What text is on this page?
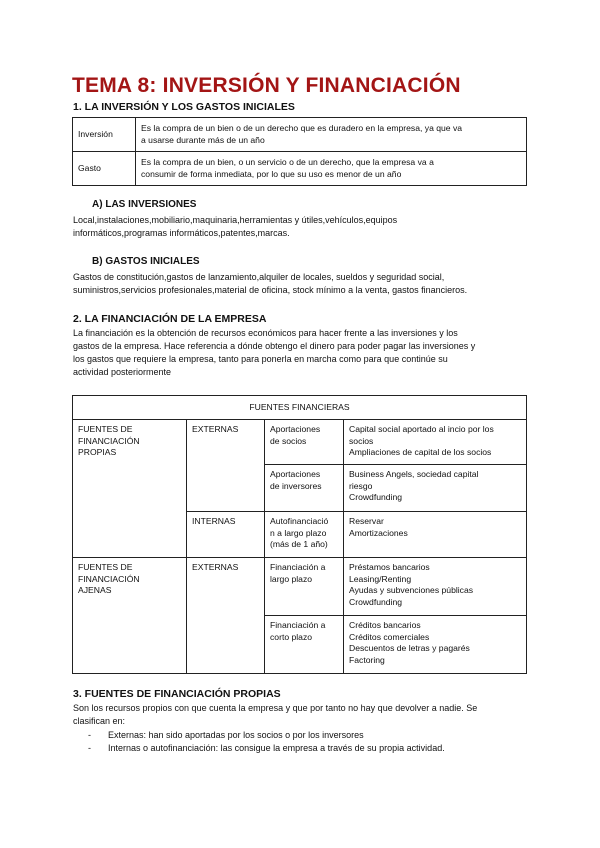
TEMA 8: INVERSIÓN Y FINANCIACIÓN
1. LA INVERSIÓN Y LOS GASTOS INICIALES
Inversión	Es la compra de un bien o de un derecho que es duradero en la empresa, ya que va
a usarse durante más de un año

Gasto	Es la compra de un bien, o un servicio o de un derecho, que la empresa va a
consumir de forma inmediata, por lo que su uso es menor de un año
A) LAS INVERSIONES
Local,instalaciones,mobiliario,maquinaria,herramientas y útiles,vehículos,equipos
informáticos,programas informáticos,patentes,marcas.
B) GASTOS INICIALES
Gastos de constitución,gastos de lanzamiento,alquiler de locales, sueldos y seguridad social,
suministros,servicios profesionales,material de oficina, stock mínimo a la venta, gastos financieros.
2. LA FINANCIACIÓN DE LA EMPRESA
La financiación es la obtención de recursos económicos para hacer frente a las inversiones y los
gastos de la empresa. Hace referencia a dónde obtengo el dinero para poder pagar las inversiones y
los gastos que requiere la empresa, tanto para ponerla en marcha como para que continúe su
actividad posteriormente
FUENTES FINANCIERAS			

FUENTES DE
FINANCIACIÓN
PROPIAS	EXTERNAS	Aportaciones
de socios	Capital social aportado al incio por los
socios
Ampliaciones de capital de los socios

		Aportaciones
de inversores	Business Angels, sociedad capital
riesgo
Crowdfunding

	INTERNAS	Autofinanciació
n a largo plazo
(más de 1 año)	Reservar
Amortizaciones

FUENTES DE
FINANCIACIÓN
AJENAS	EXTERNAS	Financiación a
largo plazo	Préstamos bancarios
Leasing/Renting
Ayudas y subvenciones públicas
Crowdfunding

		Financiación a
corto plazo	Créditos bancarios
Créditos comerciales
Descuentos de letras y pagarés
Factoring
3. FUENTES DE FINANCIACIÓN PROPIAS
Son los recursos propios con que cuenta la empresa y que por tanto no hay que devolver a nadie. Se
clasifican en:
- Externas: han sido aportadas por los socios o por los inversores
- Internas o autofinanciación: las consigue la empresa a través de su propia actividad.
